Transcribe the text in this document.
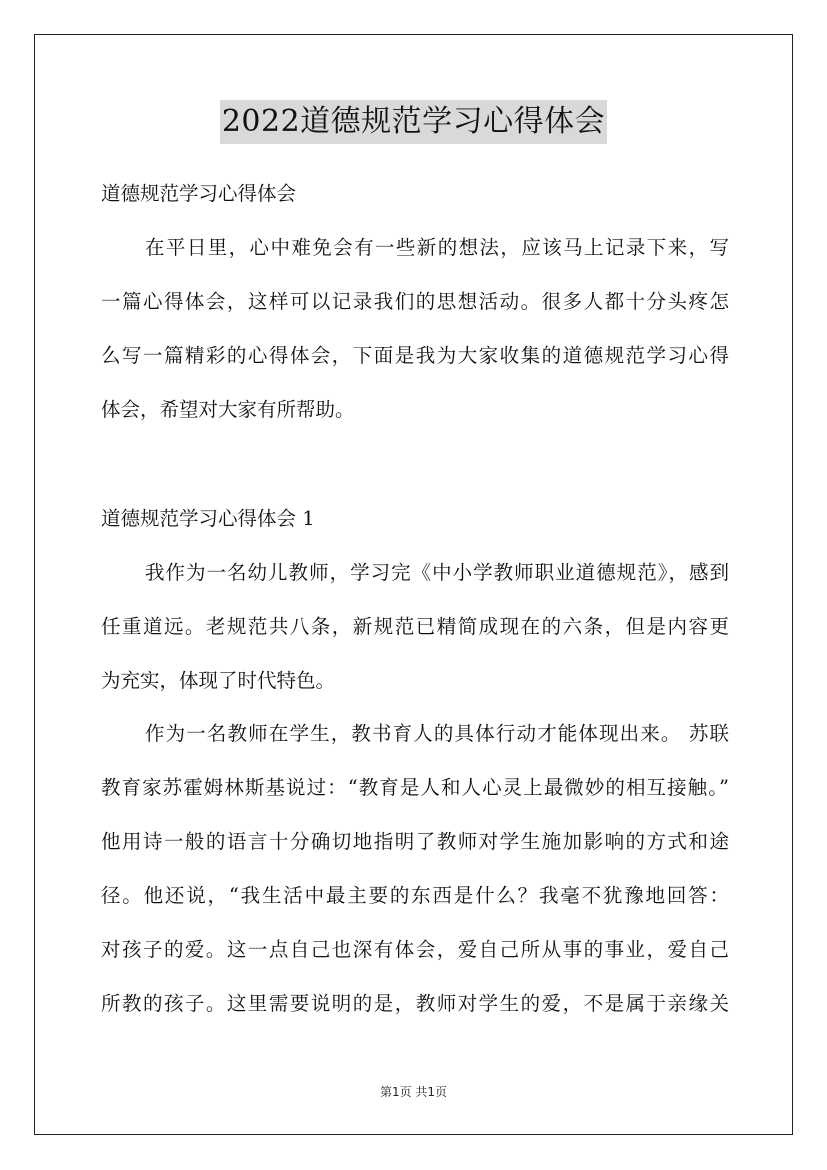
2022道德规范学习心得体会
道德规范学习心得体会
在平日里，心中难免会有一些新的想法，应该马上记录下来，写
一篇心得体会，这样可以记录我们的思想活动。很多人都十分头疼怎
么写一篇精彩的心得体会，下面是我为大家收集的道德规范学习心得
体会，希望对大家有所帮助。
道德规范学习心得体会 1
我作为一名幼儿教师，学习完《中小学教师职业道德规范》，感到
任重道远。老规范共八条，新规范已精简成现在的六条，但是内容更
为充实，体现了时代特色。
作为一名教师在学生，教书育人的具体行动才能体现出来。 苏联
教育家苏霍姆林斯基说过：“教育是人和人心灵上最微妙的相互接触。”
他用诗一般的语言十分确切地指明了教师对学生施加影响的方式和途
径。他还说，“我生活中最主要的东西是什么？我毫不犹豫地回答：
对孩子的爱。这一点自己也深有体会，爱自己所从事的事业，爱自己
所教的孩子。这里需要说明的是，教师对学生的爱，不是属于亲缘关
第1页 共1页
